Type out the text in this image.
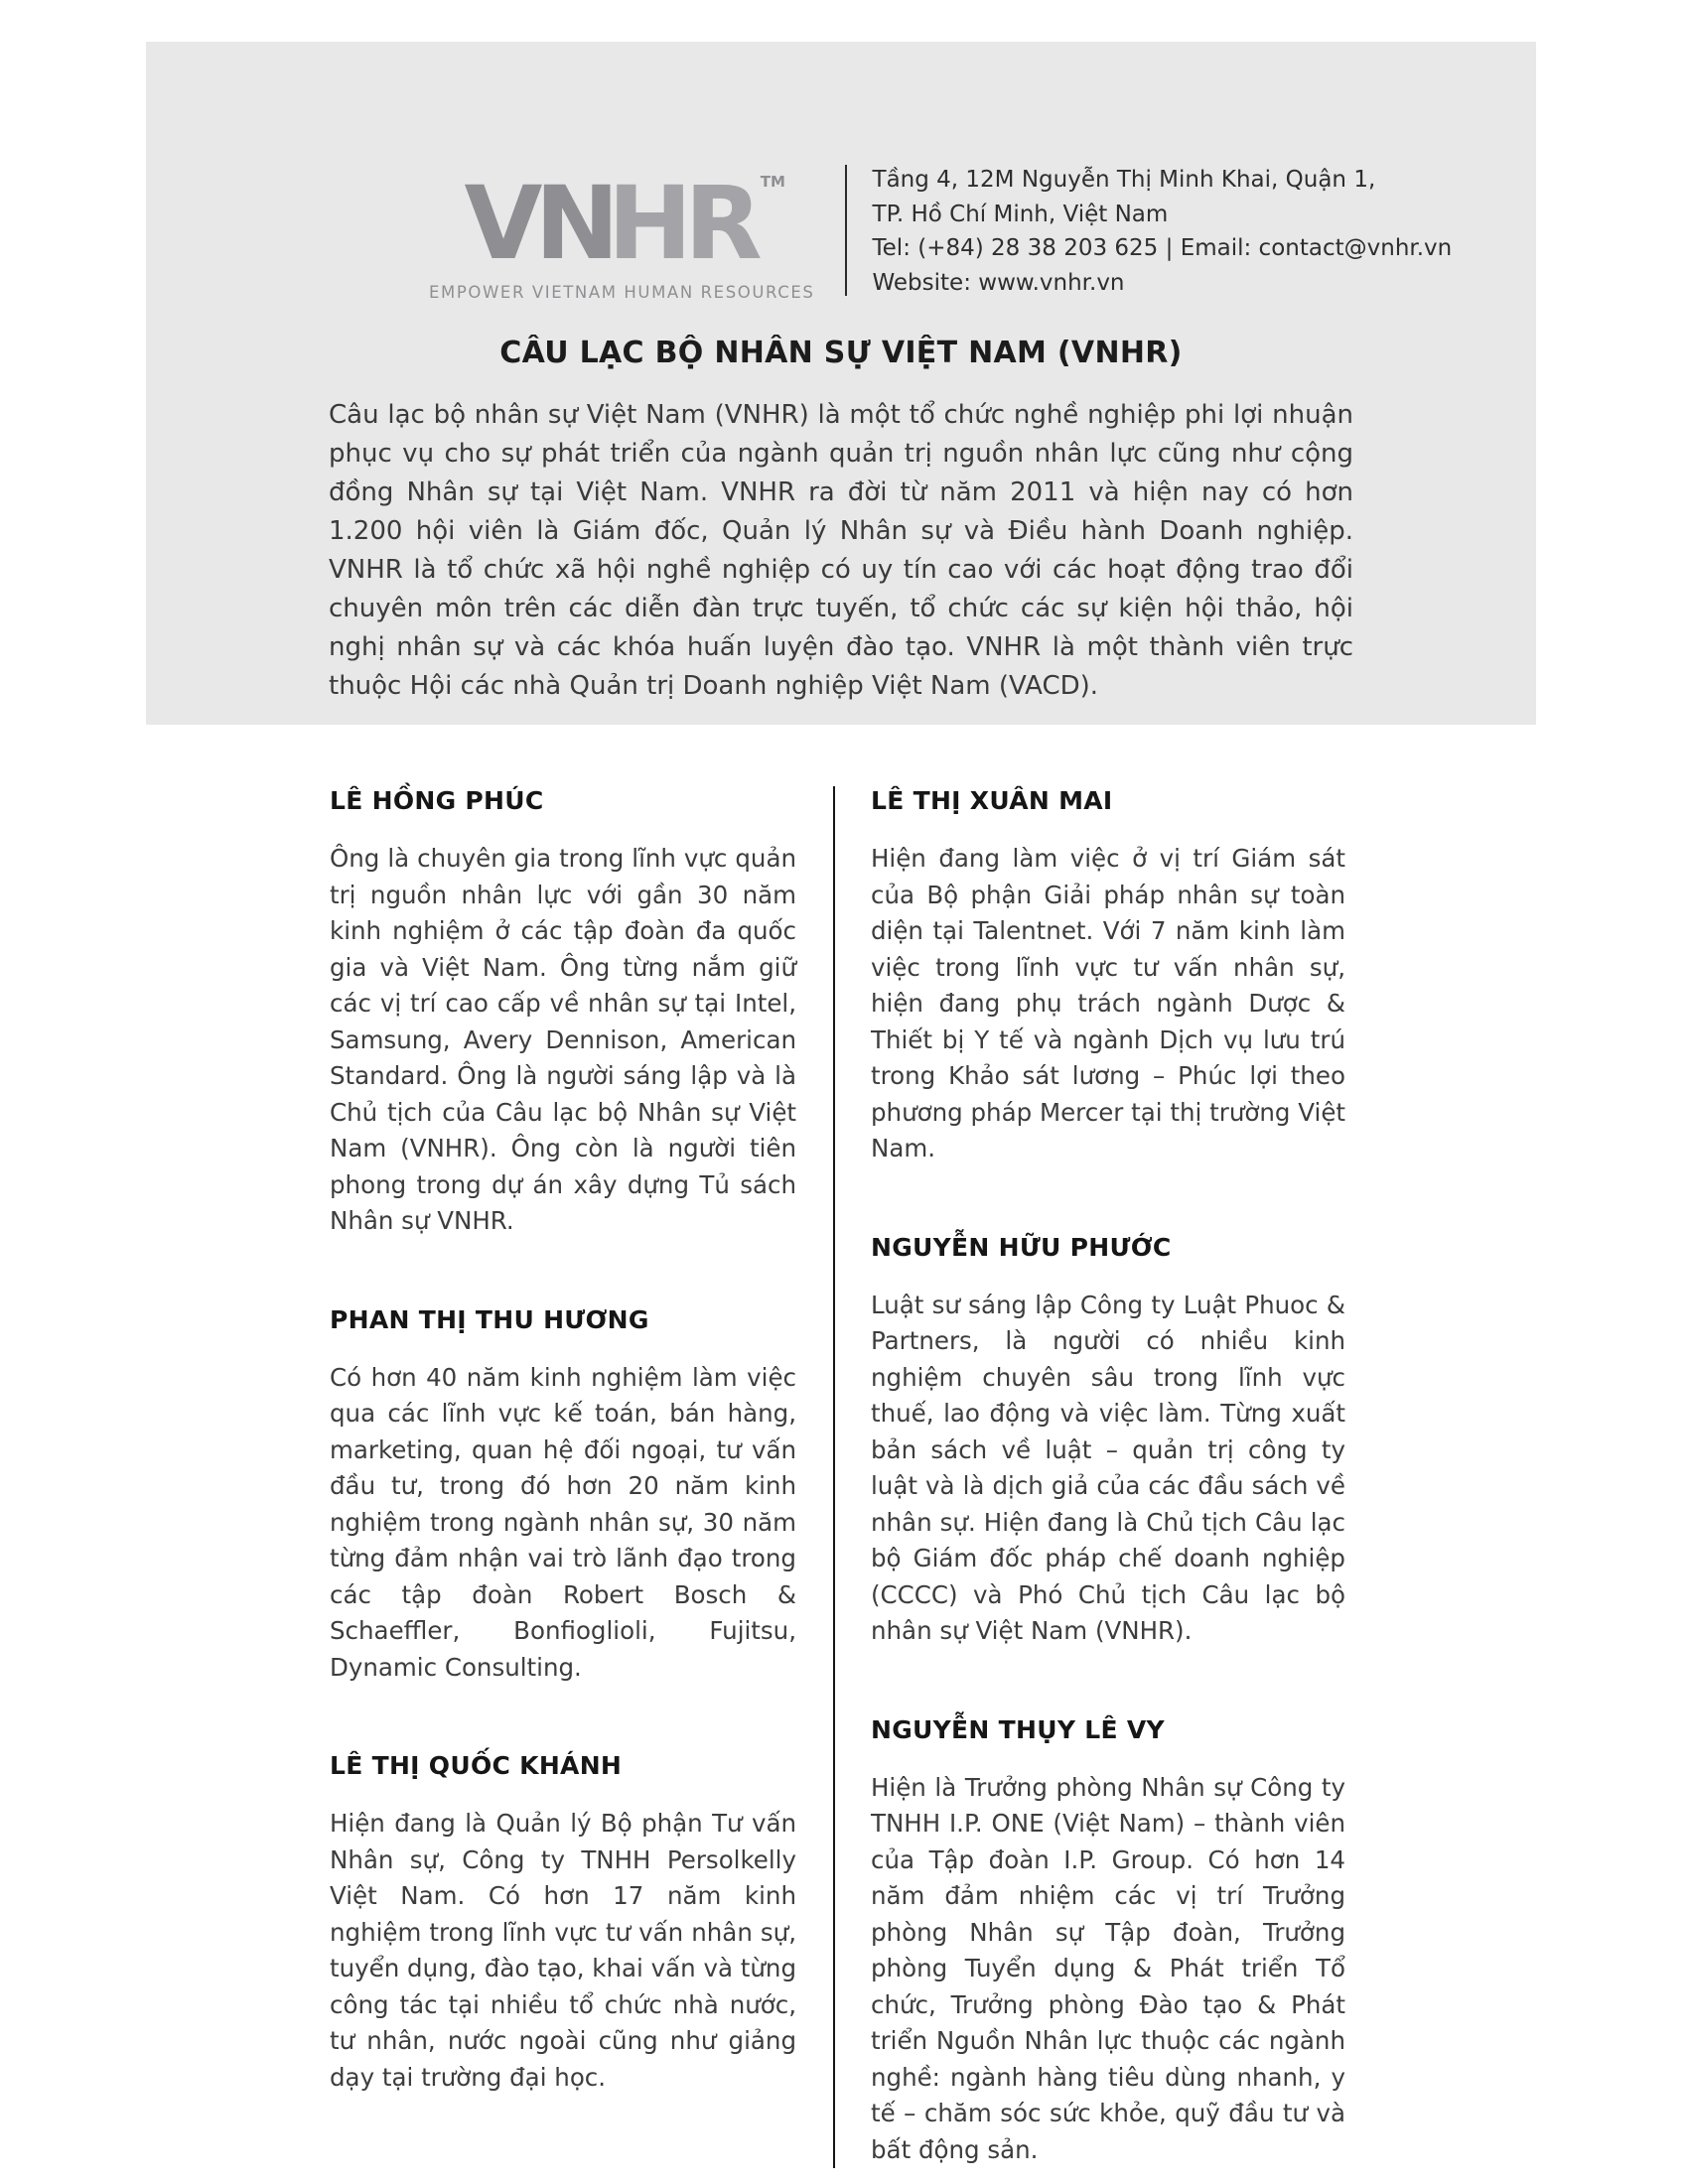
VNHR TM
EMPOWER VIETNAM HUMAN RESOURCES
Tầng 4, 12M Nguyễn Thị Minh Khai, Quận 1,
TP. Hồ Chí Minh, Việt Nam
Tel: (+84) 28 38 203 625 | Email: contact@vnhr.vn
Website: www.vnhr.vn
CÂU LẠC BỘ NHÂN SỰ VIỆT NAM (VNHR)

Câu lạc bộ nhân sự Việt Nam (VNHR) là một tổ chức nghề nghiệp phi lợi nhuận phục vụ cho sự phát triển của ngành quản trị nguồn nhân lực cũng như cộng đồng Nhân sự tại Việt Nam. VNHR ra đời từ năm 2011 và hiện nay có hơn 1.200 hội viên là Giám đốc, Quản lý Nhân sự và Điều hành Doanh nghiệp. VNHR là tổ chức xã hội nghề nghiệp có uy tín cao với các hoạt động trao đổi chuyên môn trên các diễn đàn trực tuyến, tổ chức các sự kiện hội thảo, hội nghị nhân sự và các khóa huấn luyện đào tạo. VNHR là một thành viên trực thuộc Hội các nhà Quản trị Doanh nghiệp Việt Nam (VACD).

LÊ HỒNG PHÚC

Ông là chuyên gia trong lĩnh vực quản trị nguồn nhân lực với gần 30 năm kinh nghiệm ở các tập đoàn đa quốc gia và Việt Nam. Ông từng nắm giữ các vị trí cao cấp về nhân sự tại Intel, Samsung, Avery Dennison, American Standard. Ông là người sáng lập và là Chủ tịch của Câu lạc bộ Nhân sự Việt Nam (VNHR). Ông còn là người tiên phong trong dự án xây dựng Tủ sách Nhân sự VNHR.

PHAN THỊ THU HƯƠNG

Có hơn 40 năm kinh nghiệm làm việc qua các lĩnh vực kế toán, bán hàng, marketing, quan hệ đối ngoại, tư vấn đầu tư, trong đó hơn 20 năm kinh nghiệm trong ngành nhân sự, 30 năm từng đảm nhận vai trò lãnh đạo trong các tập đoàn Robert Bosch & Schaeffler, Bonfioglioli, Fujitsu, Dynamic Consulting.

LÊ THỊ QUỐC KHÁNH

Hiện đang là Quản lý Bộ phận Tư vấn Nhân sự, Công ty TNHH Persolkelly Việt Nam. Có hơn 17 năm kinh nghiệm trong lĩnh vực tư vấn nhân sự, tuyển dụng, đào tạo, khai vấn và từng công tác tại nhiều tổ chức nhà nước, tư nhân, nước ngoài cũng như giảng dạy tại trường đại học.

LÊ THỊ XUÂN MAI

Hiện đang làm việc ở vị trí Giám sát của Bộ phận Giải pháp nhân sự toàn diện tại Talentnet. Với 7 năm kinh làm việc trong lĩnh vực tư vấn nhân sự, hiện đang phụ trách ngành Dược & Thiết bị Y tế và ngành Dịch vụ lưu trú trong Khảo sát lương – Phúc lợi theo phương pháp Mercer tại thị trường Việt Nam.

NGUYỄN HỮU PHƯỚC

Luật sư sáng lập Công ty Luật Phuoc & Partners, là người có nhiều kinh nghiệm chuyên sâu trong lĩnh vực thuế, lao động và việc làm. Từng xuất bản sách về luật – quản trị công ty luật và là dịch giả của các đầu sách về nhân sự. Hiện đang là Chủ tịch Câu lạc bộ Giám đốc pháp chế doanh nghiệp (CCCC) và Phó Chủ tịch Câu lạc bộ nhân sự Việt Nam (VNHR).

NGUYỄN THỤY LÊ VY

Hiện là Trưởng phòng Nhân sự Công ty TNHH I.P. ONE (Việt Nam) – thành viên của Tập đoàn I.P. Group. Có hơn 14 năm đảm nhiệm các vị trí Trưởng phòng Nhân sự Tập đoàn, Trưởng phòng Tuyển dụng & Phát triển Tổ chức, Trưởng phòng Đào tạo & Phát triển Nguồn Nhân lực thuộc các ngành nghề: ngành hàng tiêu dùng nhanh, y tế – chăm sóc sức khỏe, quỹ đầu tư và bất động sản.
